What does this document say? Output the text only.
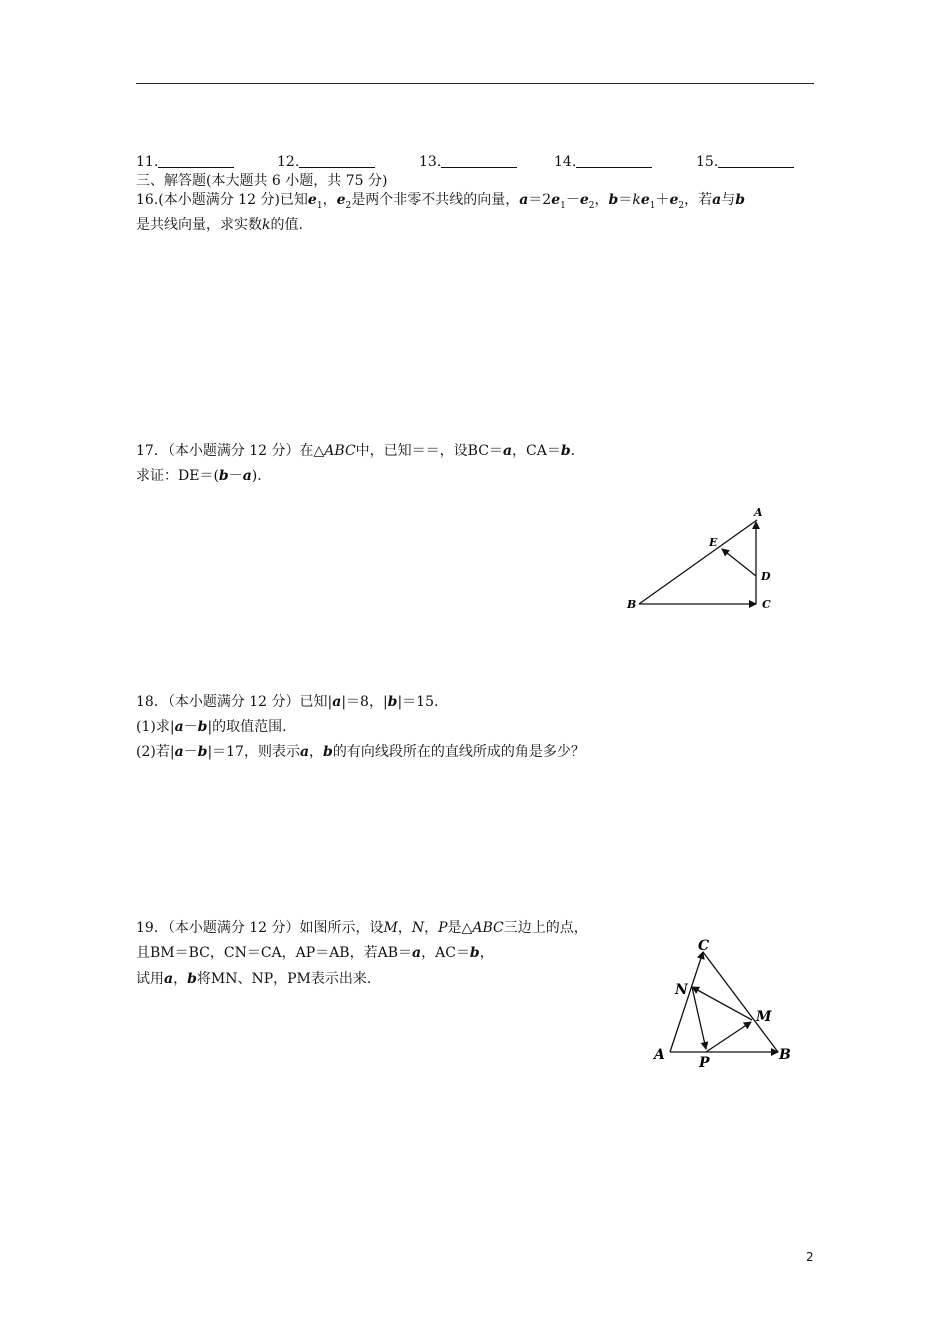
11.	12.	13.	14.	15.
三、解答题(本大题共 6 小题，共 75 分)
16.(本小题满分 12 分)已知$e_1$，$e_2$是两个非零不共线的向量，$a=2e_1-e_2$，$b=ke_1+e_2$，若a与b
是共线向量，求实数k的值.
17．（本小题满分 12 分）在△ABC中，已知＝＝，设BC＝a，CA＝b.
求证：DE＝(b－a).
A
B	C
D
E
18．（本小题满分 12 分）已知|a|＝8，|b|＝15.
(1)求|a－b|的取值范围.
(2)若|a－b|＝17，则表示a，b的有向线段所在的直线所成的角是多少？
19．（本小题满分 12 分）如图所示，设M，N，P是△ABC三边上的点，
且BM＝BC，CN＝CA，AP＝AB，若AB＝a，AC＝b，
试用a，b将MN、NP，PM表示出来.
C
N
M
A P	B
2
